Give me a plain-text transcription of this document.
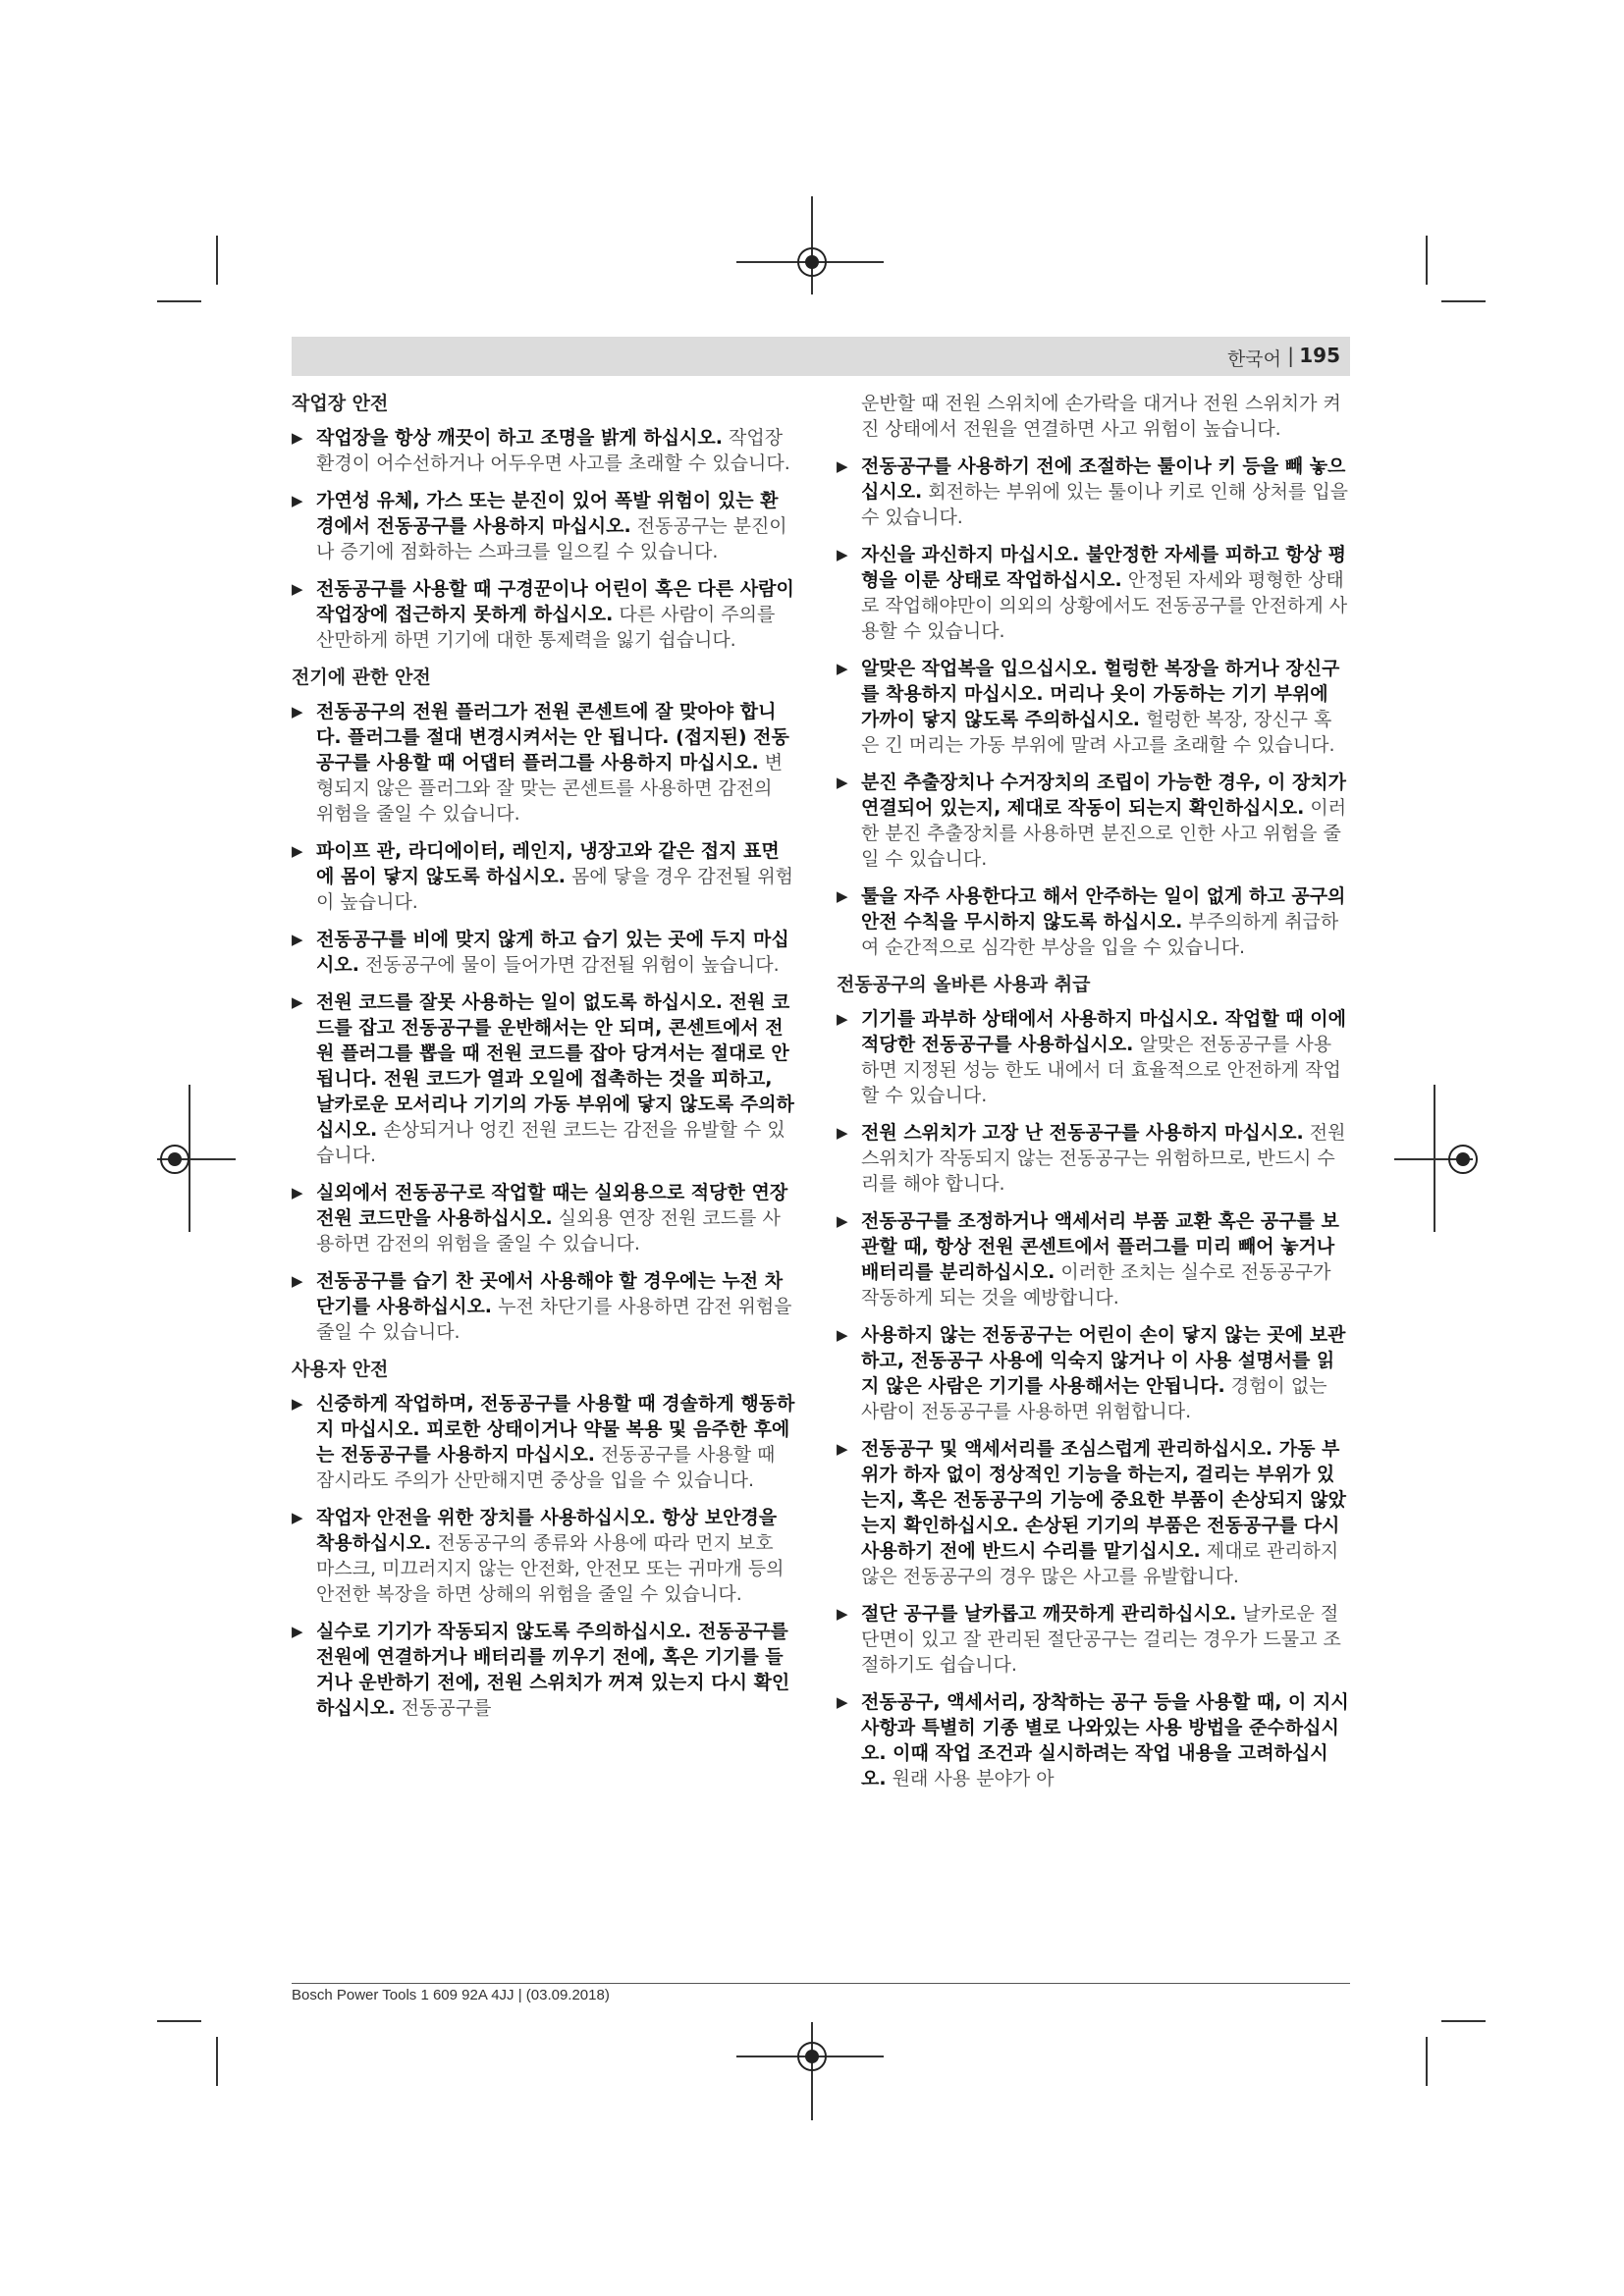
한국어 | 195
작업장 안전
▶ 작업장을 항상 깨끗이 하고 조명을 밝게 하십시오. 작업장 환경이 어수선하거나 어두우면 사고를 초래할 수 있습니다.
▶ 가연성 유체, 가스 또는 분진이 있어 폭발 위험이 있는 환경에서 전동공구를 사용하지 마십시오. 전동공구는 분진이나 증기에 점화하는 스파크를 일으킬 수 있습니다.
▶ 전동공구를 사용할 때 구경꾼이나 어린이 혹은 다른 사람이 작업장에 접근하지 못하게 하십시오. 다른 사람이 주의를 산만하게 하면 기기에 대한 통제력을 잃기 쉽습니다.
전기에 관한 안전
▶ 전동공구의 전원 플러그가 전원 콘센트에 잘 맞아야 합니다. 플러그를 절대 변경시켜서는 안 됩니다. (접지된) 전동공구를 사용할 때 어댑터 플러그를 사용하지 마십시오. 변형되지 않은 플러그와 잘 맞는 콘센트를 사용하면 감전의 위험을 줄일 수 있습니다.
▶ 파이프 관, 라디에이터, 레인지, 냉장고와 같은 접지 표면에 몸이 닿지 않도록 하십시오. 몸에 닿을 경우 감전될 위험이 높습니다.
▶ 전동공구를 비에 맞지 않게 하고 습기 있는 곳에 두지 마십시오. 전동공구에 물이 들어가면 감전될 위험이 높습니다.
▶ 전원 코드를 잘못 사용하는 일이 없도록 하십시오. 전원 코드를 잡고 전동공구를 운반해서는 안 되며, 콘센트에서 전원 플러그를 뽑을 때 전원 코드를 잡아 당겨서는 절대로 안 됩니다. 전원 코드가 열과 오일에 접촉하는 것을 피하고, 날카로운 모서리나 기기의 가동 부위에 닿지 않도록 주의하십시오. 손상되거나 엉킨 전원 코드는 감전을 유발할 수 있습니다.
▶ 실외에서 전동공구로 작업할 때는 실외용으로 적당한 연장 전원 코드만을 사용하십시오. 실외용 연장 전원 코드를 사용하면 감전의 위험을 줄일 수 있습니다.
▶ 전동공구를 습기 찬 곳에서 사용해야 할 경우에는 누전 차단기를 사용하십시오. 누전 차단기를 사용하면 감전 위험을 줄일 수 있습니다.
사용자 안전
▶ 신중하게 작업하며, 전동공구를 사용할 때 경솔하게 행동하지 마십시오. 피로한 상태이거나 약물 복용 및 음주한 후에는 전동공구를 사용하지 마십시오. 전동공구를 사용할 때 잠시라도 주의가 산만해지면 중상을 입을 수 있습니다.
▶ 작업자 안전을 위한 장치를 사용하십시오. 항상 보안경을 착용하십시오. 전동공구의 종류와 사용에 따라 먼지 보호 마스크, 미끄러지지 않는 안전화, 안전모 또는 귀마개 등의 안전한 복장을 하면 상해의 위험을 줄일 수 있습니다.
▶ 실수로 기기가 작동되지 않도록 주의하십시오. 전동공구를 전원에 연결하거나 배터리를 끼우기 전에, 혹은 기기를 들거나 운반하기 전에, 전원 스위치가 꺼져 있는지 다시 확인하십시오. 전동공구를
운반할 때 전원 스위치에 손가락을 대거나 전원 스위치가 켜진 상태에서 전원을 연결하면 사고 위험이 높습니다.
▶ 전동공구를 사용하기 전에 조절하는 툴이나 키 등을 빼 놓으십시오. 회전하는 부위에 있는 툴이나 키로 인해 상처를 입을 수 있습니다.
▶ 자신을 과신하지 마십시오. 불안정한 자세를 피하고 항상 평형을 이룬 상태로 작업하십시오. 안정된 자세와 평형한 상태로 작업해야만이 의외의 상황에서도 전동공구를 안전하게 사용할 수 있습니다.
▶ 알맞은 작업복을 입으십시오. 헐렁한 복장을 하거나 장신구를 착용하지 마십시오. 머리나 옷이 가동하는 기기 부위에 가까이 닿지 않도록 주의하십시오. 헐렁한 복장, 장신구 혹은 긴 머리는 가동 부위에 말려 사고를 초래할 수 있습니다.
▶ 분진 추출장치나 수거장치의 조립이 가능한 경우, 이 장치가 연결되어 있는지, 제대로 작동이 되는지 확인하십시오. 이러한 분진 추출장치를 사용하면 분진으로 인한 사고 위험을 줄일 수 있습니다.
▶ 툴을 자주 사용한다고 해서 안주하는 일이 없게 하고 공구의 안전 수칙을 무시하지 않도록 하십시오. 부주의하게 취급하여 순간적으로 심각한 부상을 입을 수 있습니다.
전동공구의 올바른 사용과 취급
▶ 기기를 과부하 상태에서 사용하지 마십시오. 작업할 때 이에 적당한 전동공구를 사용하십시오. 알맞은 전동공구를 사용하면 지정된 성능 한도 내에서 더 효율적으로 안전하게 작업할 수 있습니다.
▶ 전원 스위치가 고장 난 전동공구를 사용하지 마십시오. 전원 스위치가 작동되지 않는 전동공구는 위험하므로, 반드시 수리를 해야 합니다.
▶ 전동공구를 조정하거나 액세서리 부품 교환 혹은 공구를 보관할 때, 항상 전원 콘센트에서 플러그를 미리 빼어 놓거나 배터리를 분리하십시오. 이러한 조치는 실수로 전동공구가 작동하게 되는 것을 예방합니다.
▶ 사용하지 않는 전동공구는 어린이 손이 닿지 않는 곳에 보관하고, 전동공구 사용에 익숙지 않거나 이 사용 설명서를 읽지 않은 사람은 기기를 사용해서는 안됩니다. 경험이 없는 사람이 전동공구를 사용하면 위험합니다.
▶ 전동공구 및 액세서리를 조심스럽게 관리하십시오. 가동 부위가 하자 없이 정상적인 기능을 하는지, 걸리는 부위가 있는지, 혹은 전동공구의 기능에 중요한 부품이 손상되지 않았는지 확인하십시오. 손상된 기기의 부품은 전동공구를 다시 사용하기 전에 반드시 수리를 맡기십시오. 제대로 관리하지 않은 전동공구의 경우 많은 사고를 유발합니다.
▶ 절단 공구를 날카롭고 깨끗하게 관리하십시오. 날카로운 절단면이 있고 잘 관리된 절단공구는 걸리는 경우가 드물고 조절하기도 쉽습니다.
▶ 전동공구, 액세서리, 장착하는 공구 등을 사용할 때, 이 지시 사항과 특별히 기종 별로 나와있는 사용 방법을 준수하십시오. 이때 작업 조건과 실시하려는 작업 내용을 고려하십시오. 원래 사용 분야가 아
Bosch Power Tools 1 609 92A 4JJ | (03.09.2018)
